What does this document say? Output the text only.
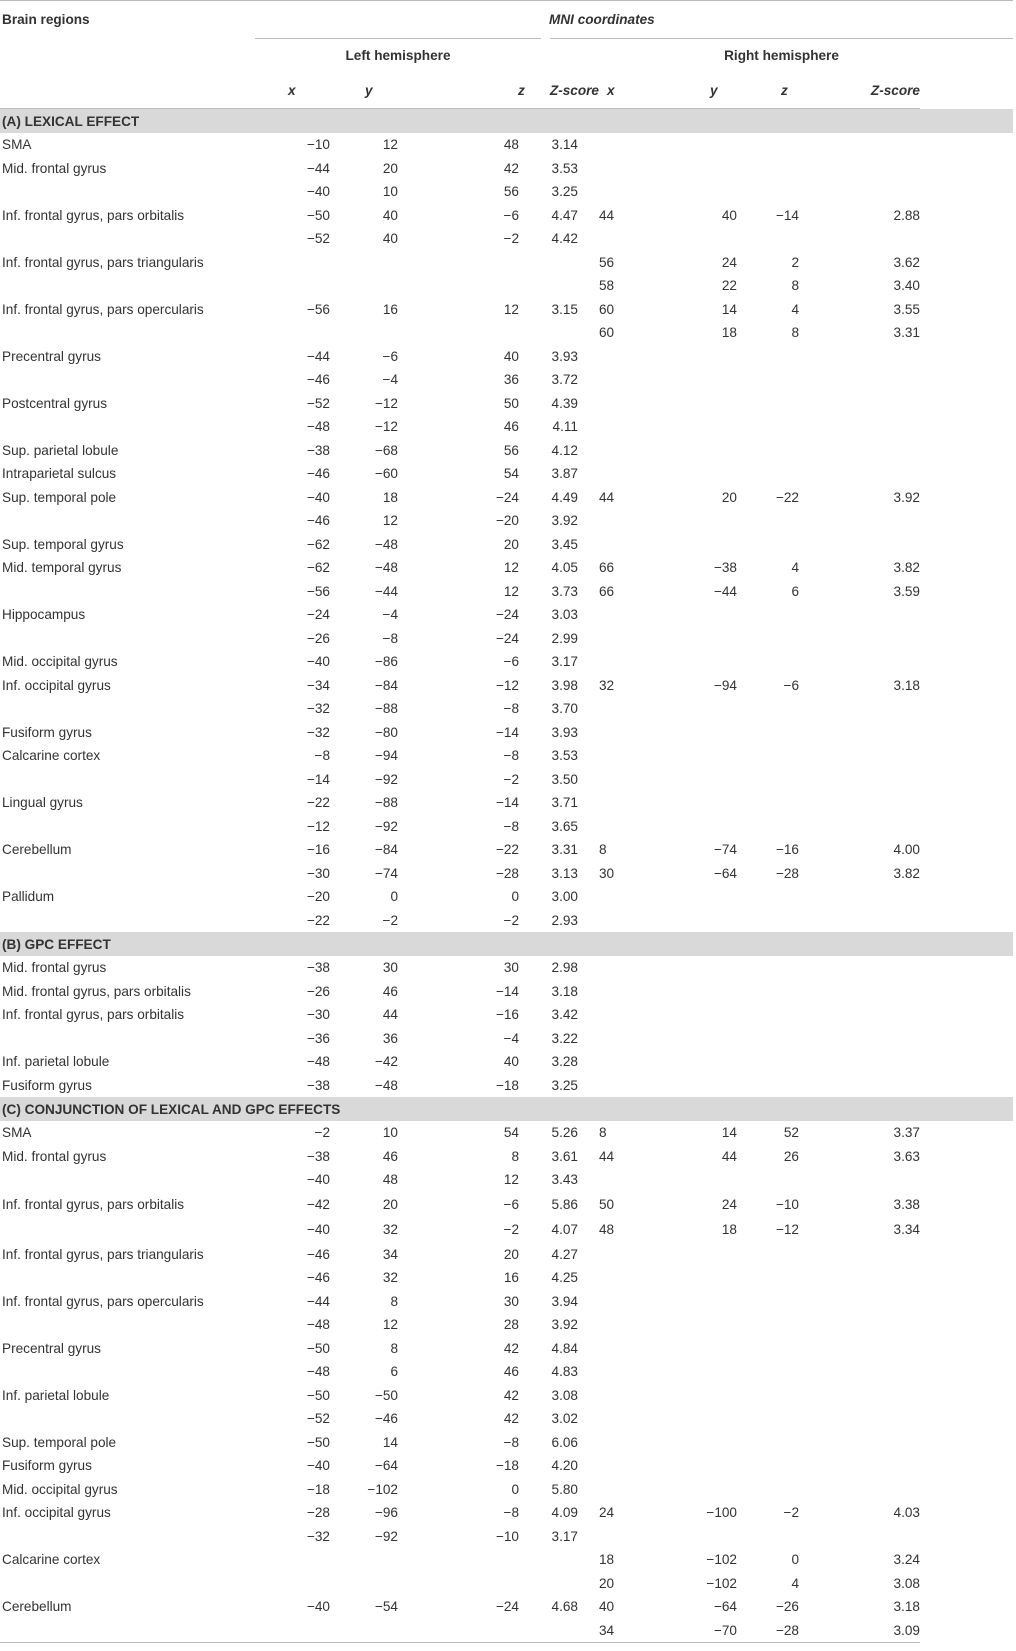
Brain regions	MNI coordinates									
	Left hemisphere					Right hemisphere				
		x	y	z	Z-score		x	y	z	Z-score
(A) LEXICAL EFFECT										
SMA		−10	12	48	3.14					
Mid. frontal gyrus		−44	20	42	3.53					
		−40	10	56	3.25					
Inf. frontal gyrus, pars orbitalis		−50	40	−6	4.47		44	40	−14	2.88
		−52	40	−2	4.42					
Inf. frontal gyrus, pars triangularis							56	24	2	3.62
							58	22	8	3.40
Inf. frontal gyrus, pars opercularis		−56	16	12	3.15		60	14	4	3.55
							60	18	8	3.31
Precentral gyrus		−44	−6	40	3.93					
		−46	−4	36	3.72					
Postcentral gyrus		−52	−12	50	4.39					
		−48	−12	46	4.11					
Sup. parietal lobule		−38	−68	56	4.12					
Intraparietal sulcus		−46	−60	54	3.87					
Sup. temporal pole		−40	18	−24	4.49		44	20	−22	3.92
		−46	12	−20	3.92					
Sup. temporal gyrus		−62	−48	20	3.45					
Mid. temporal gyrus		−62	−48	12	4.05		66	−38	4	3.82
		−56	−44	12	3.73		66	−44	6	3.59
Hippocampus		−24	−4	−24	3.03					
		−26	−8	−24	2.99					
Mid. occipital gyrus		−40	−86	−6	3.17					
Inf. occipital gyrus		−34	−84	−12	3.98		32	−94	−6	3.18
		−32	−88	−8	3.70					
Fusiform gyrus		−32	−80	−14	3.93					
Calcarine cortex		−8	−94	−8	3.53					
		−14	−92	−2	3.50					
Lingual gyrus		−22	−88	−14	3.71					
		−12	−92	−8	3.65					
Cerebellum		−16	−84	−22	3.31		8	−74	−16	4.00
		−30	−74	−28	3.13		30	−64	−28	3.82
Pallidum		−20	0	0	3.00					
		−22	−2	−2	2.93					
(B) GPC EFFECT										
Mid. frontal gyrus		−38	30	30	2.98					
Mid. frontal gyrus, pars orbitalis		−26	46	−14	3.18					
Inf. frontal gyrus, pars orbitalis		−30	44	−16	3.42					
		−36	36	−4	3.22					
Inf. parietal lobule		−48	−42	40	3.28					
Fusiform gyrus		−38	−48	−18	3.25					
(C) CONJUNCTION OF LEXICAL AND GPC EFFECTS										
SMA		−2	10	54	5.26		8	14	52	3.37
Mid. frontal gyrus		−38	46	8	3.61		44	44	26	3.63
		−40	48	12	3.43					
Inf. frontal gyrus, pars orbitalis		−42	20	−6	5.86		50	24	−10	3.38
		−40	32	−2	4.07		48	18	−12	3.34
Inf. frontal gyrus, pars triangularis		−46	34	20	4.27					
		−46	32	16	4.25					
Inf. frontal gyrus, pars opercularis		−44	8	30	3.94					
		−48	12	28	3.92					
Precentral gyrus		−50	8	42	4.84					
		−48	6	46	4.83					
Inf. parietal lobule		−50	−50	42	3.08					
		−52	−46	42	3.02					
Sup. temporal pole		−50	14	−8	6.06					
Fusiform gyrus		−40	−64	−18	4.20					
Mid. occipital gyrus		−18	−102	0	5.80					
Inf. occipital gyrus		−28	−96	−8	4.09		24	−100	−2	4.03
		−32	−92	−10	3.17					
Calcarine cortex							18	−102	0	3.24
							20	−102	4	3.08
Cerebellum		−40	−54	−24	4.68		40	−64	−26	3.18
							34	−70	−28	3.09
